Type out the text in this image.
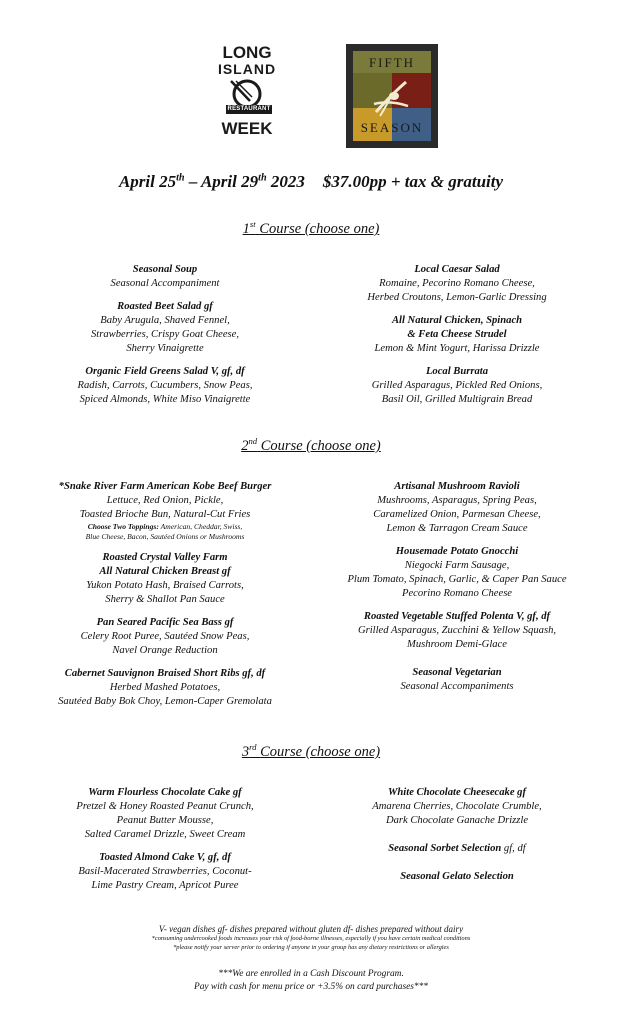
LONG
ISLAND
RESTAURANT
WEEK
FIFTH
SEASON
April 25th – April 29th 2023 $37.00pp + tax & gratuity
1st Course (choose one)
Seasonal Soup
Seasonal Accompaniment
Roasted Beet Salad gf
Baby Arugula, Shaved Fennel,
Strawberries, Crispy Goat Cheese,
Sherry Vinaigrette
Organic Field Greens Salad V, gf, df
Radish, Carrots, Cucumbers, Snow Peas,
Spiced Almonds, White Miso Vinaigrette
Local Caesar Salad
Romaine, Pecorino Romano Cheese,
Herbed Croutons, Lemon-Garlic Dressing
All Natural Chicken, Spinach
& Feta Cheese Strudel
Lemon & Mint Yogurt, Harissa Drizzle
Local Burrata
Grilled Asparagus, Pickled Red Onions,
Basil Oil, Grilled Multigrain Bread
2nd Course (choose one)
*Snake River Farm American Kobe Beef Burger
Lettuce, Red Onion, Pickle,
Toasted Brioche Bun, Natural-Cut Fries
Choose Two Toppings: American, Cheddar, Swiss,
Blue Cheese, Bacon, Sautéed Onions or Mushrooms
Roasted Crystal Valley Farm
All Natural Chicken Breast gf
Yukon Potato Hash, Braised Carrots,
Sherry & Shallot Pan Sauce
Pan Seared Pacific Sea Bass gf
Celery Root Puree, Sautéed Snow Peas,
Navel Orange Reduction
Cabernet Sauvignon Braised Short Ribs gf, df
Herbed Mashed Potatoes,
Sautéed Baby Bok Choy, Lemon-Caper Gremolata
Artisanal Mushroom Ravioli
Mushrooms, Asparagus, Spring Peas,
Caramelized Onion, Parmesan Cheese,
Lemon & Tarragon Cream Sauce
Housemade Potato Gnocchi
Niegocki Farm Sausage,
Plum Tomato, Spinach, Garlic, & Caper Pan Sauce
Pecorino Romano Cheese
Roasted Vegetable Stuffed Polenta V, gf, df
Grilled Asparagus, Zucchini & Yellow Squash,
Mushroom Demi-Glace
Seasonal Vegetarian
Seasonal Accompaniments
3rd Course (choose one)
Warm Flourless Chocolate Cake gf
Pretzel & Honey Roasted Peanut Crunch,
Peanut Butter Mousse,
Salted Caramel Drizzle, Sweet Cream
Toasted Almond Cake V, gf, df
Basil-Macerated Strawberries, Coconut-
Lime Pastry Cream, Apricot Puree
White Chocolate Cheesecake gf
Amarena Cherries, Chocolate Crumble,
Dark Chocolate Ganache Drizzle
Seasonal Sorbet Selection gf, df
Seasonal Gelato Selection
V- vegan dishes gf- dishes prepared without gluten df- dishes prepared without dairy
*consuming undercooked foods increases your risk of food-borne illnesses, especially if you have certain medical conditions
*please notify your server prior to ordering if anyone in your group has any dietary restrictions or allergies
***We are enrolled in a Cash Discount Program.
Pay with cash for menu price or +3.5% on card purchases***
